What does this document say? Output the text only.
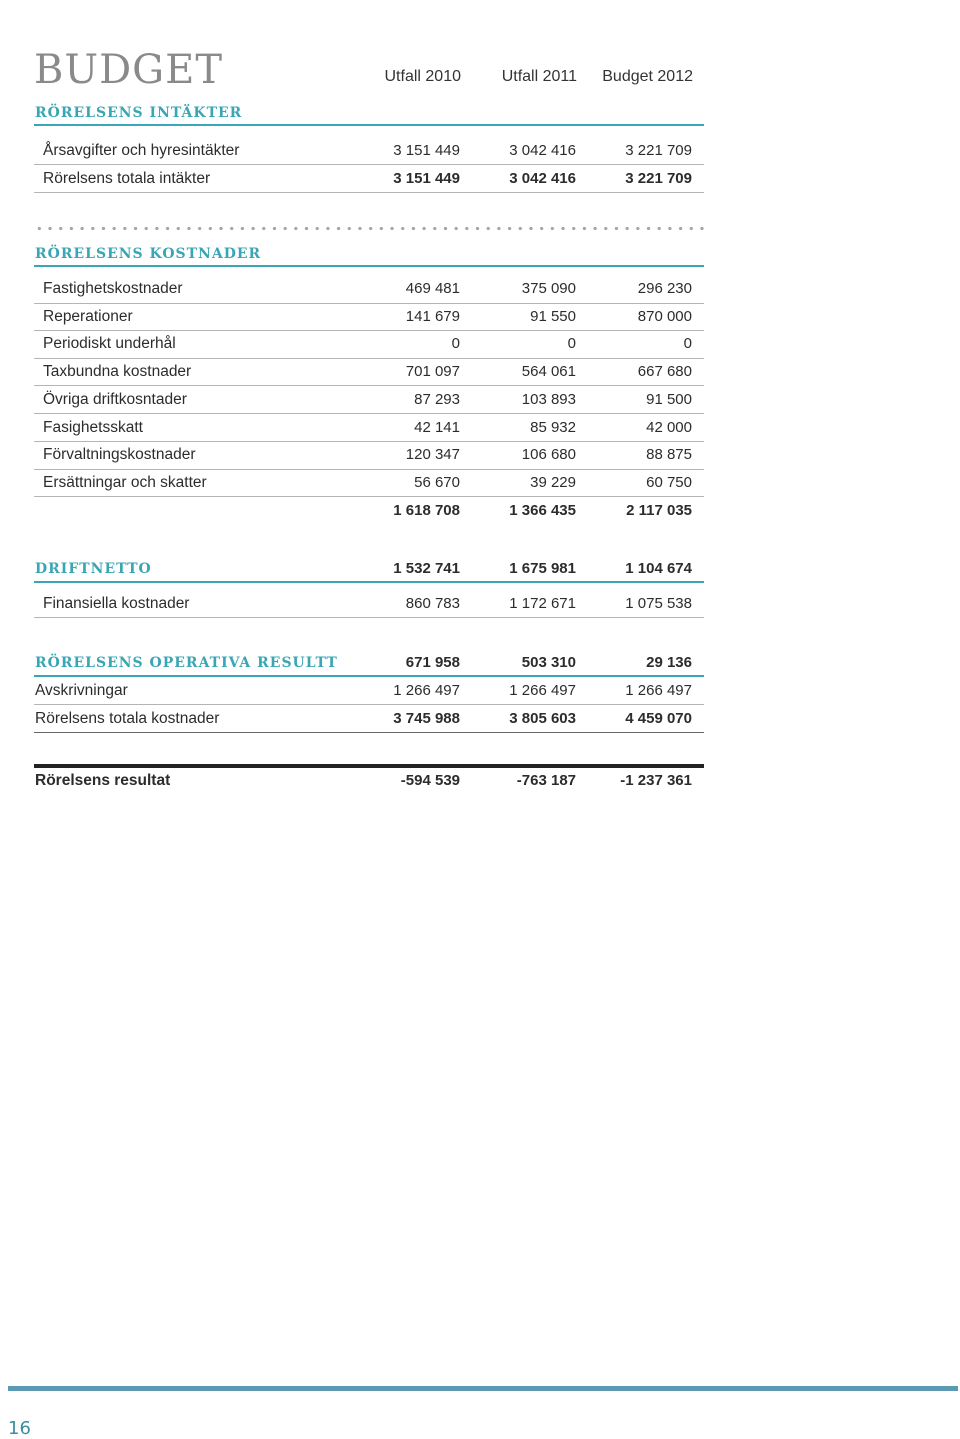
BUDGET	Utfall 2010	Utfall 2011	Budget 2012
RÖRELSENS INTÄKTER
Årsavgifter och hyresintäkter	3 151 449	3 042 416	3 221 709
Rörelsens totala intäkter	3 151 449	3 042 416	3 221 709
RÖRELSENS KOSTNADER
Fastighetskostnader	469 481	375 090	296 230
Reperationer	141 679	91 550	870 000
Periodiskt underhål	0	0	0
Taxbundna kostnader	701 097	564 061	667 680
Övriga driftkosntader	87 293	103 893	91 500
Fasighetsskatt	42 141	85 932	42 000
Förvaltningskostnader	120 347	106 680	88 875
Ersättningar och skatter	56 670	39 229	60 750
1 618 708	1 366 435	2 117 035
DRIFTNETTO	1 532 741	1 675 981	1 104 674
Finansiella kostnader	860 783	1 172 671	1 075 538
RÖRELSENS OPERATIVA RESULTT	671 958	503 310	29 136
Avskrivningar	1 266 497	1 266 497	1 266 497
Rörelsens totala kostnader	3 745 988	3 805 603	4 459 070
Rörelsens resultat	-594 539	-763 187	-1 237 361
16
